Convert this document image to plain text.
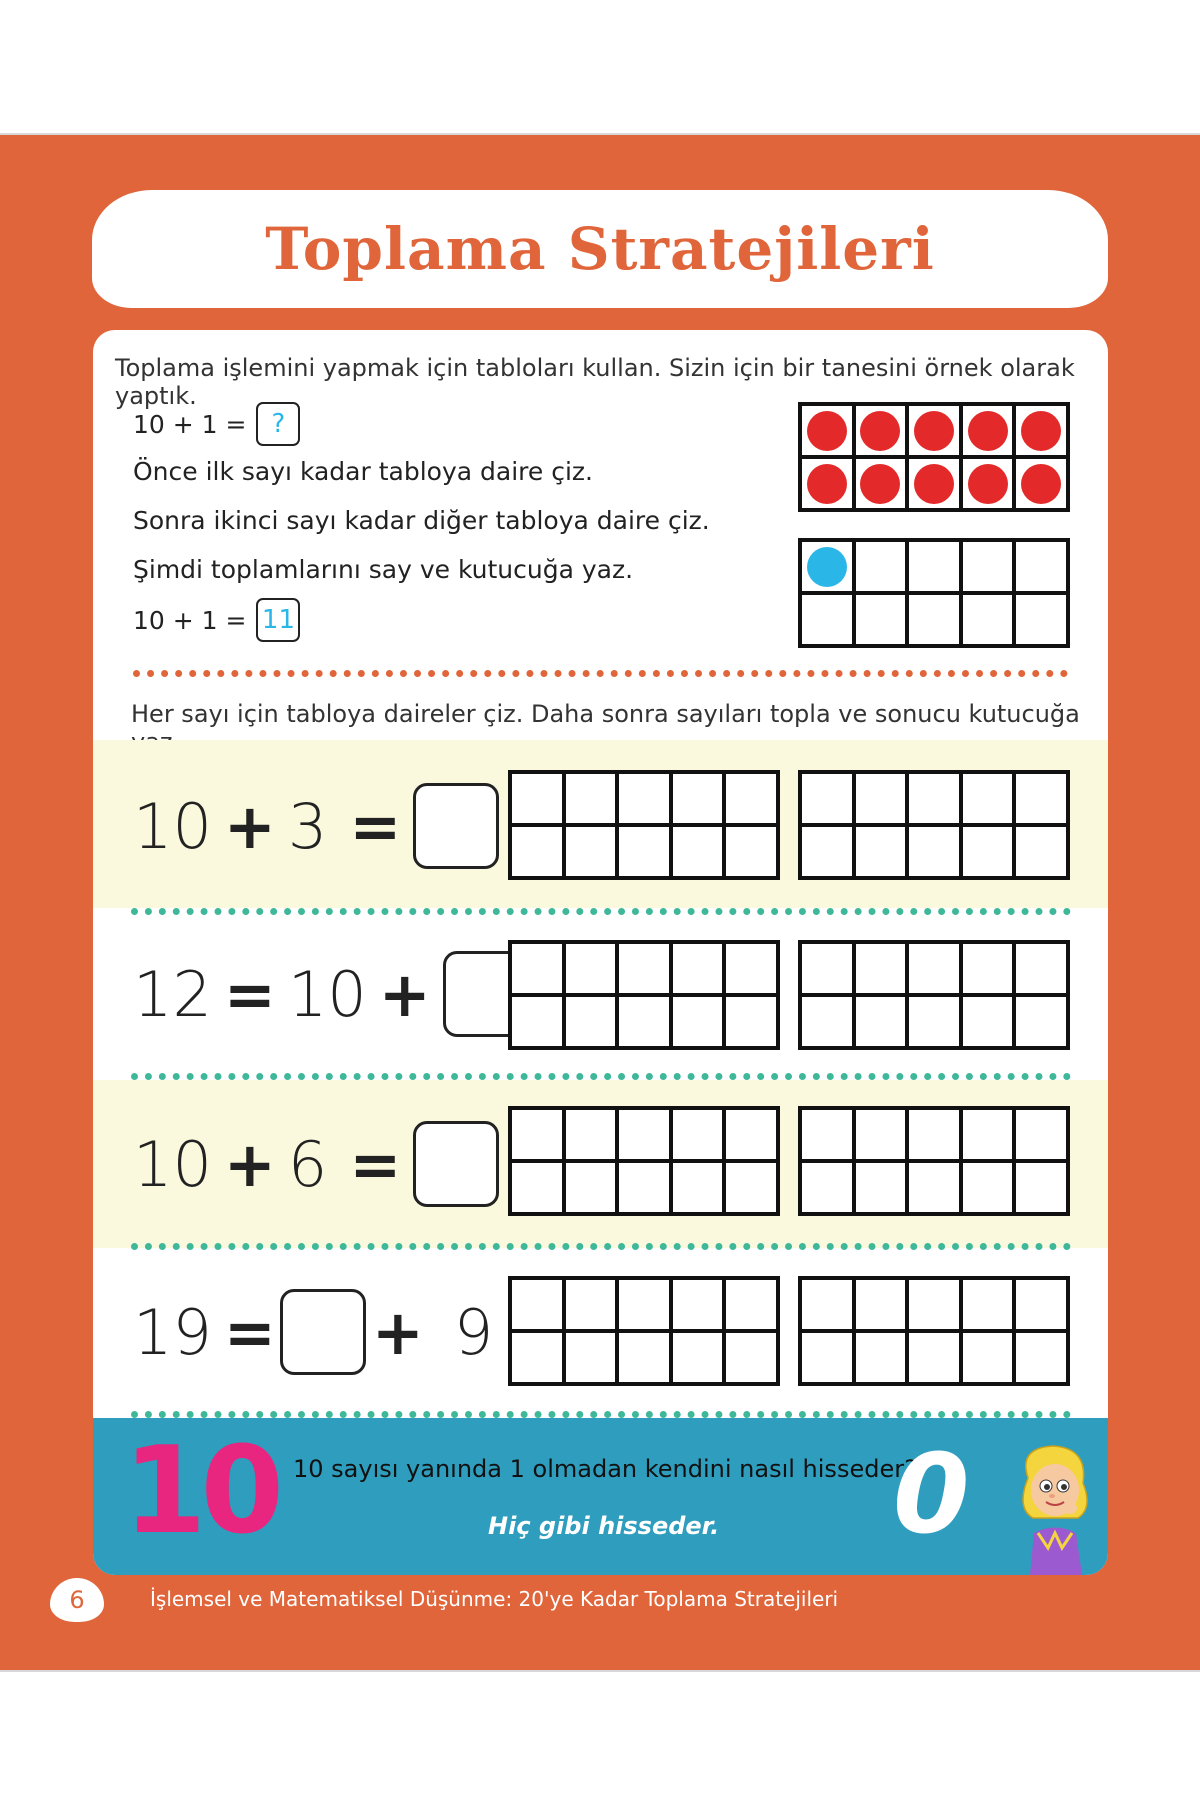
Toplama Stratejileri
Toplama işlemini yapmak için tabloları kullan. Sizin için bir tanesini örnek olarak yaptık.
10 + 1 = ?
Önce ilk sayı kadar tabloya daire çiz.
Sonra ikinci sayı kadar diğer tabloya daire çiz.
Şimdi toplamlarını say ve kutucuğa yaz.
10 + 1 = 11
Her sayı için tabloya daireler çiz. Daha sonra sayıları topla ve sonucu kutucuğa
10 + 3 =
12 = 10 +
10 + 6 =
19 = + 9
10 10 sayısı yanında 1 olmadan kendini nasıl hisseder?
Hiç gibi hisseder. 0
6	İşlemsel ve Matematiksel Düşünme: 20'ye Kadar Toplama Stratejileri
